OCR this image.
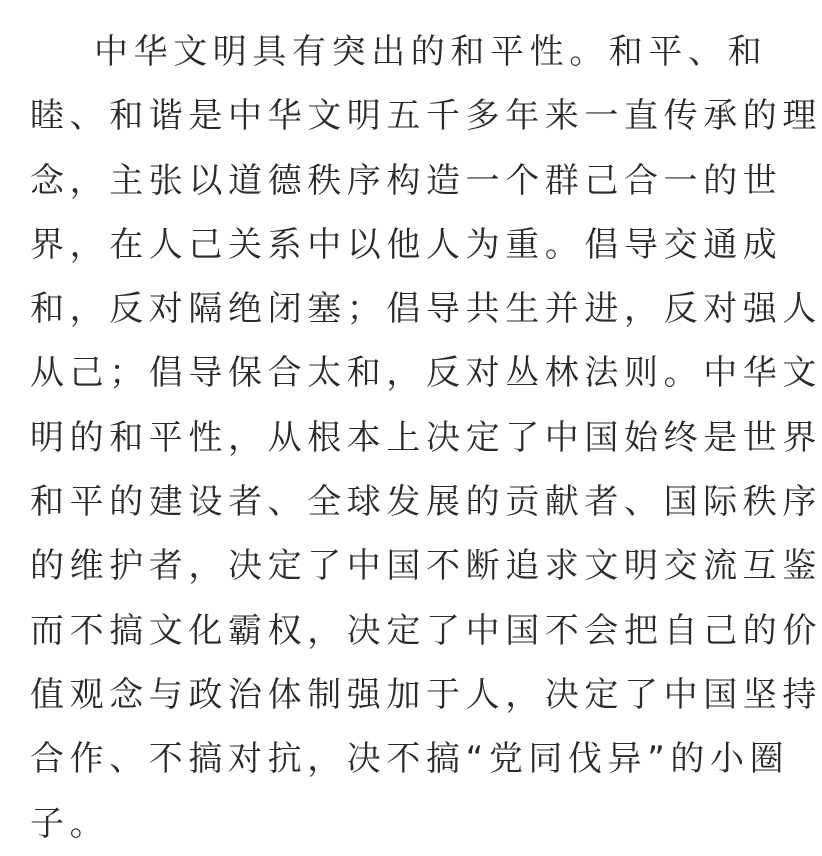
中华文明具有突出的和平性。和平、和
睦、和谐是中华文明五千多年来一直传承的理
念，主张以道德秩序构造一个群己合一的世
界，在人己关系中以他人为重。倡导交通成
和，反对隔绝闭塞；倡导共生并进，反对强人
从己；倡导保合太和，反对丛林法则。中华文
明的和平性，从根本上决定了中国始终是世界
和平的建设者、全球发展的贡献者、国际秩序
的维护者，决定了中国不断追求文明交流互鉴
而不搞文化霸权，决定了中国不会把自己的价
值观念与政治体制强加于人，决定了中国坚持
合作、不搞对抗，决不搞“党同伐异”的小圈
子。
